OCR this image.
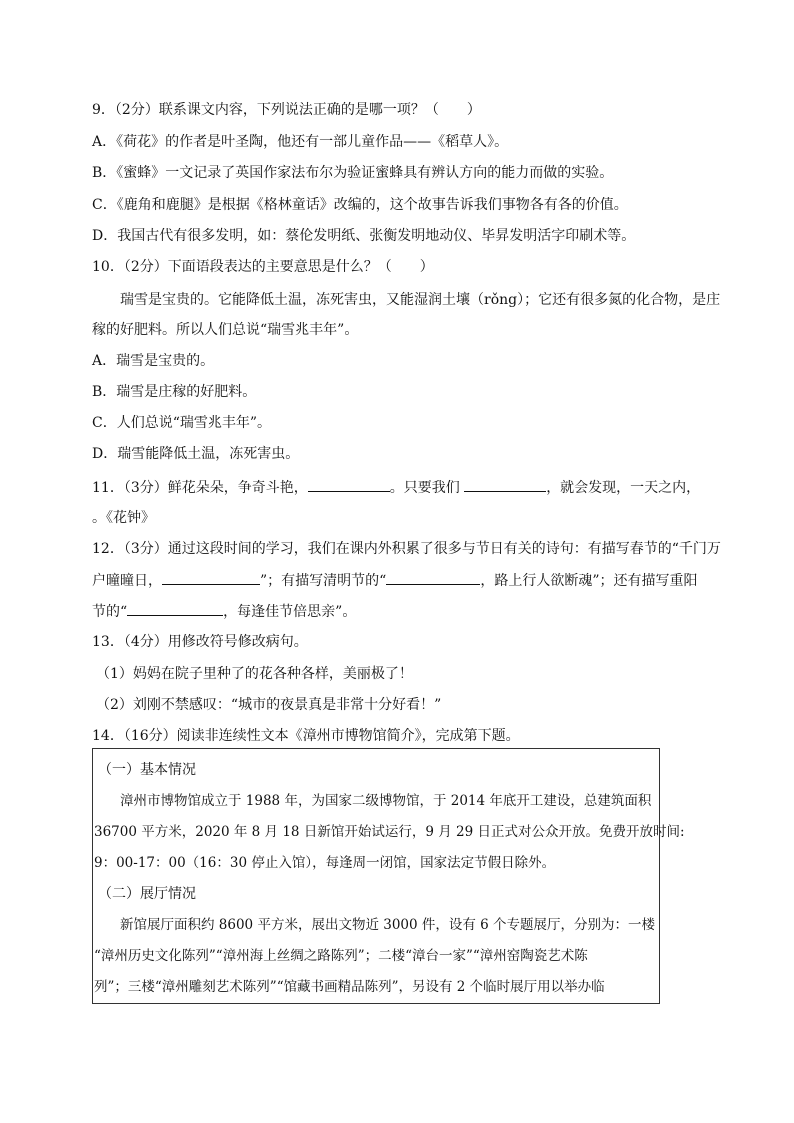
9．（2分）联系课文内容，下列说法正确的是哪一项？（　　）
A．《荷花》的作者是叶圣陶，他还有一部儿童作品——《稻草人》。
B．《蜜蜂》一文记录了英国作家法布尔为验证蜜蜂具有辨认方向的能力而做的实验。
C．《鹿角和鹿腿》是根据《格林童话》改编的，这个故事告诉我们事物各有各的价值。
D．我国古代有很多发明，如：蔡伦发明纸、张衡发明地动仪、毕昇发明活字印刷术等。
10．（2分）下面语段表达的主要意思是什么？（　　）
瑞雪是宝贵的。它能降低土温，冻死害虫，又能湿润土壤（rǒng）；它还有很多氮的化合物，是庄
稼的好肥料。所以人们总说“瑞雪兆丰年”。
A．瑞雪是宝贵的。
B．瑞雪是庄稼的好肥料。
C．人们总说“瑞雪兆丰年”。
D．瑞雪能降低土温，冻死害虫。
11．（3分）鲜花朵朵，争奇斗艳，	。只要我们	，就会发现，一天之内，
。《花钟》
12．（3分）通过这段时间的学习，我们在课内外积累了很多与节日有关的诗句：有描写春节的“千门万
户曈曈日，	”；有描写清明节的“	，路上行人欲断魂”；还有描写重阳
节的“	，每逢佳节倍思亲”。
13．（4分）用修改符号修改病句。
（1）妈妈在院子里种了的花各种各样，美丽极了！
（2）刘刚不禁感叹：“城市的夜景真是非常十分好看！”
14．（16分）阅读非连续性文本《漳州市博物馆简介》，完成第下题。
（一）基本情况
漳州市博物馆成立于 1988 年，为国家二级博物馆，于 2014 年底开工建设，总建筑面积
36700 平方米，2020 年 8 月 18 日新馆开始试运行，9 月 29 日正式对公众开放。免费开放时间:
9：00-17：00（16：30 停止入馆），每逢周一闭馆，国家法定节假日除外。
（二）展厅情况
新馆展厅面积约 8600 平方米，展出文物近 3000 件，设有 6 个专题展厅，分别为：一楼
“漳州历史文化陈列”“漳州海上丝绸之路陈列”；二楼“漳台一家”“漳州窑陶瓷艺术陈
列”；三楼“漳州雕刻艺术陈列”“馆藏书画精品陈列”，另设有 2 个临时展厅用以举办临
